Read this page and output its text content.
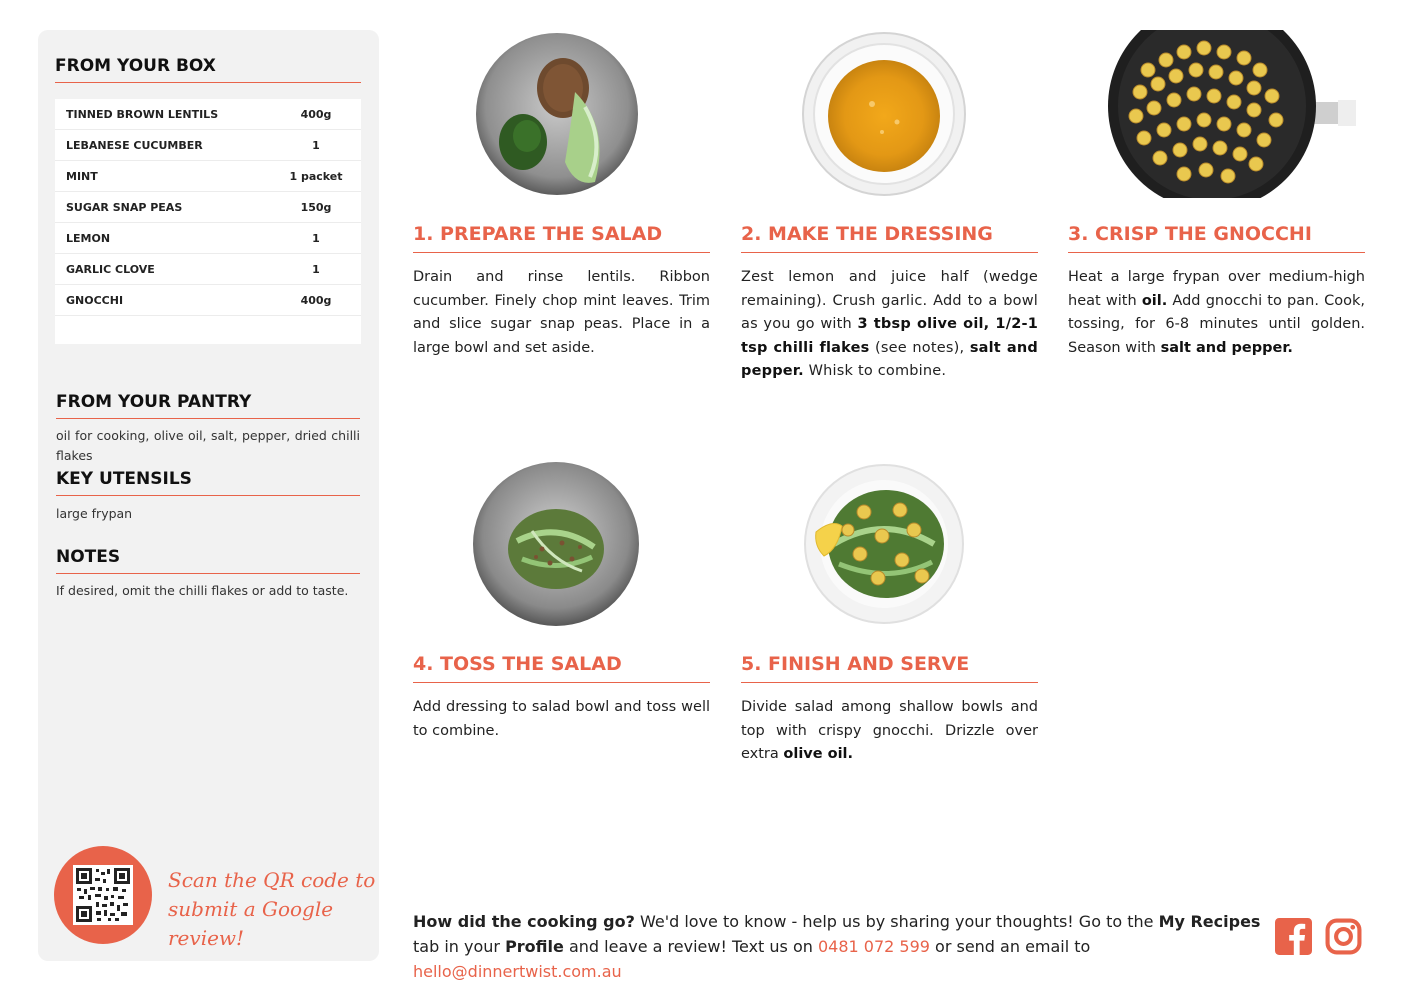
FROM YOUR BOX
TINNED BROWN LENTILS	400g
LEBANESE CUCUMBER	1
MINT	1 packet
SUGAR SNAP PEAS	150g
LEMON	1
GARLIC CLOVE	1
GNOCCHI	400g
FROM YOUR PANTRY
oil for cooking, olive oil, salt, pepper, dried chilli flakes
KEY UTENSILS
large frypan
NOTES
If desired, omit the chilli flakes or add to taste.
Scan the QR code to
submit a Google review!
1. PREPARE THE SALAD
Drain and rinse lentils. Ribbon cucumber. Finely chop mint leaves. Trim and slice sugar snap peas. Place in a large bowl and set aside.
2. MAKE THE DRESSING
Zest lemon and juice half (wedge remaining). Crush garlic. Add to a bowl as you go with 3 tbsp olive oil, 1/2-1 tsp chilli flakes (see notes), salt and pepper. Whisk to combine.
3. CRISP THE GNOCCHI
Heat a large frypan over medium-high heat with oil. Add gnocchi to pan. Cook, tossing, for 6-8 minutes until golden. Season with salt and pepper.
4. TOSS THE SALAD
Add dressing to salad bowl and toss well to combine.
5. FINISH AND SERVE
Divide salad among shallow bowls and top with crispy gnocchi. Drizzle over extra olive oil.
How did the cooking go? We'd love to know - help us by sharing your thoughts! Go to the My Recipes tab in your Profile and leave a review! Text us on 0481 072 599 or send an email to hello@dinnertwist.com.au
